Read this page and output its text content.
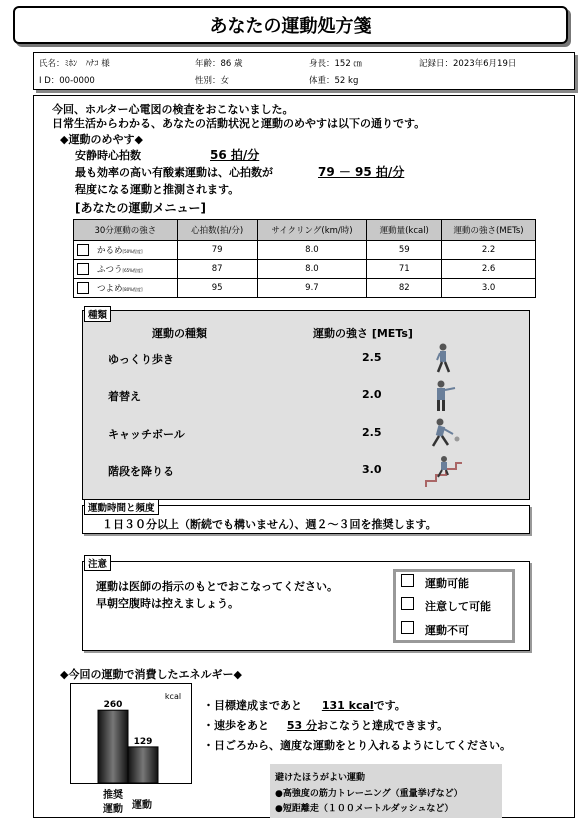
あなたの運動処方箋
氏名：ﾐﾎﾝ　ﾊﾅｺ 様
I D：00-0000
年齢：86 歳
性別：女
身長：152 ㎝
体重：52 kg
記録日：2023年6月19日
今回、ホルター心電図の検査をおこないました。
日常生活からわかる、あなたの活動状況と運動のめやすは以下の通りです。
◆運動のめやす◆
安静時心拍数	56 拍/分
最も効率の高い有酸素運動は、心拍数が	79 － 95 拍/分
程度になる運動と推測されます。
[あなたの運動メニュー]
30分運動の強さ	心拍数(拍/分)	サイクリング(km/時)	運動量(kcal)	運動の強さ(METs)
かるめ[50%程度]	79	8.0	59	2.2
ふつう[65%程度]	87	8.0	71	2.6
つよめ[80%程度]	95	9.7	82	3.0
種類
運動の種類	運動の強さ [METs]
ゆっくり歩き	2.5
着替え	2.0
キャッチボール	2.5
階段を降りる	3.0
運動時間と頻度
１日３０分以上（断続でも構いません）、週２～３回を推奨します。
注意
運動は医師の指示のもとでおこなってください。
早朝空腹時は控えましょう。
運動可能
注意して可能
運動不可
◆今回の運動で消費したエネルギー◆
kcal
260
129
推奨
運動 運動
・目標達成まであと 131 kcalです。
・速歩をあと 53 分おこなうと達成できます。
・日ごろから、適度な運動をとり入れるようにしてください。
避けたほうがよい運動
●高強度の筋力トレーニング（重量挙げなど）
●短距離走（１００メートルダッシュなど）
